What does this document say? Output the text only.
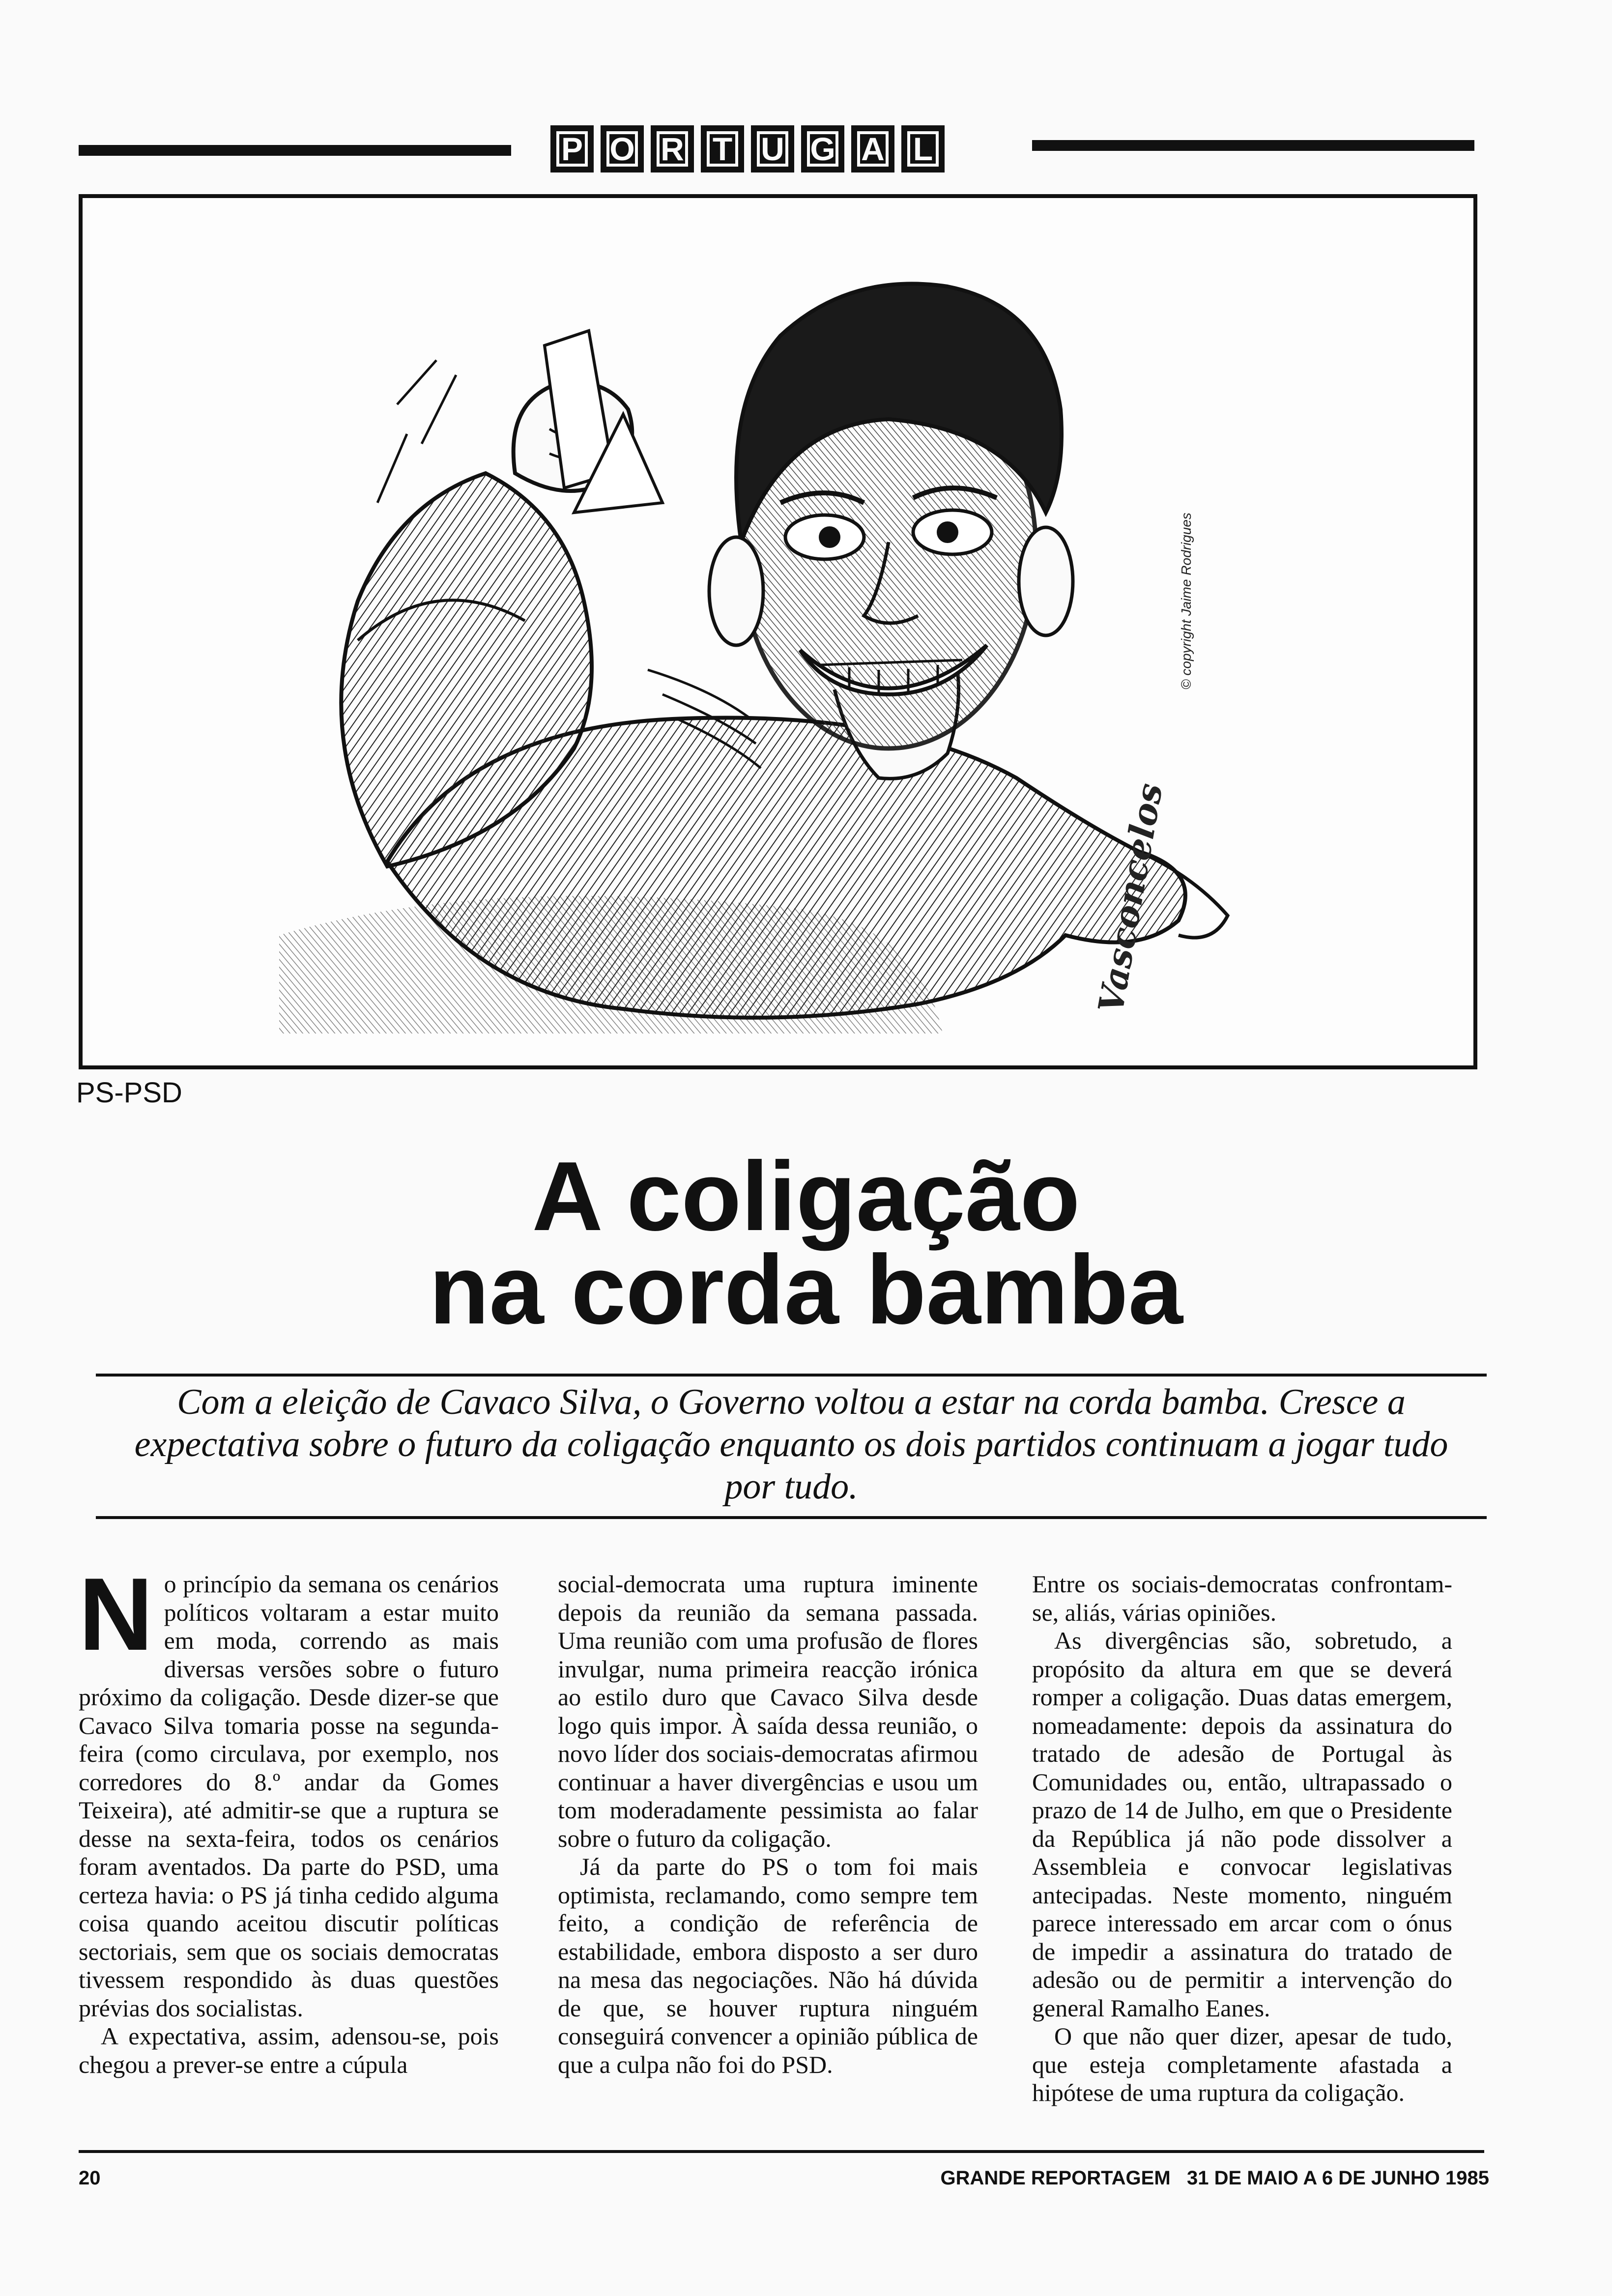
P O R T U G A L
© copyright Jaime Rodrigues
Vasconcelos
PS-PSD
A coligação
na corda bamba
Com a eleição de Cavaco Silva, o Governo voltou a estar na corda bamba. Cresce a expectativa sobre o futuro da coligação enquanto os dois partidos continuam a jogar tudo por tudo.

No princípio da semana os cenários políticos voltaram a estar muito em moda, correndo as mais diversas versões sobre o futuro próximo da coligação. Desde dizer-se que Cavaco Silva tomaria posse na segunda-feira (como circulava, por exemplo, nos corredores do 8.º andar da Gomes Teixeira), até admitir-se que a ruptura se desse na sexta-feira, todos os cenários foram aventados. Da parte do PSD, uma certeza havia: o PS já tinha cedido alguma coisa quando aceitou discutir políticas sectoriais, sem que os sociais democratas tivessem respondido às duas questões prévias dos socialistas.

A expectativa, assim, adensou-se, pois chegou a prever-se entre a cúpula

social-democrata uma ruptura iminente depois da reunião da semana passada. Uma reunião com uma profusão de flores invulgar, numa primeira reacção irónica ao estilo duro que Cavaco Silva desde logo quis impor. À saída dessa reunião, o novo líder dos sociais-democratas afirmou continuar a haver divergências e usou um tom moderadamente pessimista ao falar sobre o futuro da coligação.

Já da parte do PS o tom foi mais optimista, reclamando, como sempre tem feito, a condição de referência de estabilidade, embora disposto a ser duro na mesa das negociações. Não há dúvida de que, se houver ruptura ninguém conseguirá convencer a opinião pública de que a culpa não foi do PSD.

Entre os sociais-democratas confrontam-se, aliás, várias opiniões.

As divergências são, sobretudo, a propósito da altura em que se deverá romper a coligação. Duas datas emergem, nomeadamente: depois da assinatura do tratado de adesão de Portugal às Comunidades ou, então, ultrapassado o prazo de 14 de Julho, em que o Presidente da República já não pode dissolver a Assembleia e convocar legislativas antecipadas. Neste momento, ninguém parece interessado em arcar com o ónus de impedir a assinatura do tratado de adesão ou de permitir a intervenção do general Ramalho Eanes.

O que não quer dizer, apesar de tudo, que esteja completamente afastada a hipótese de uma ruptura da coligação.

20	GRANDE REPORTAGEM   31 DE MAIO A 6 DE JUNHO 1985
